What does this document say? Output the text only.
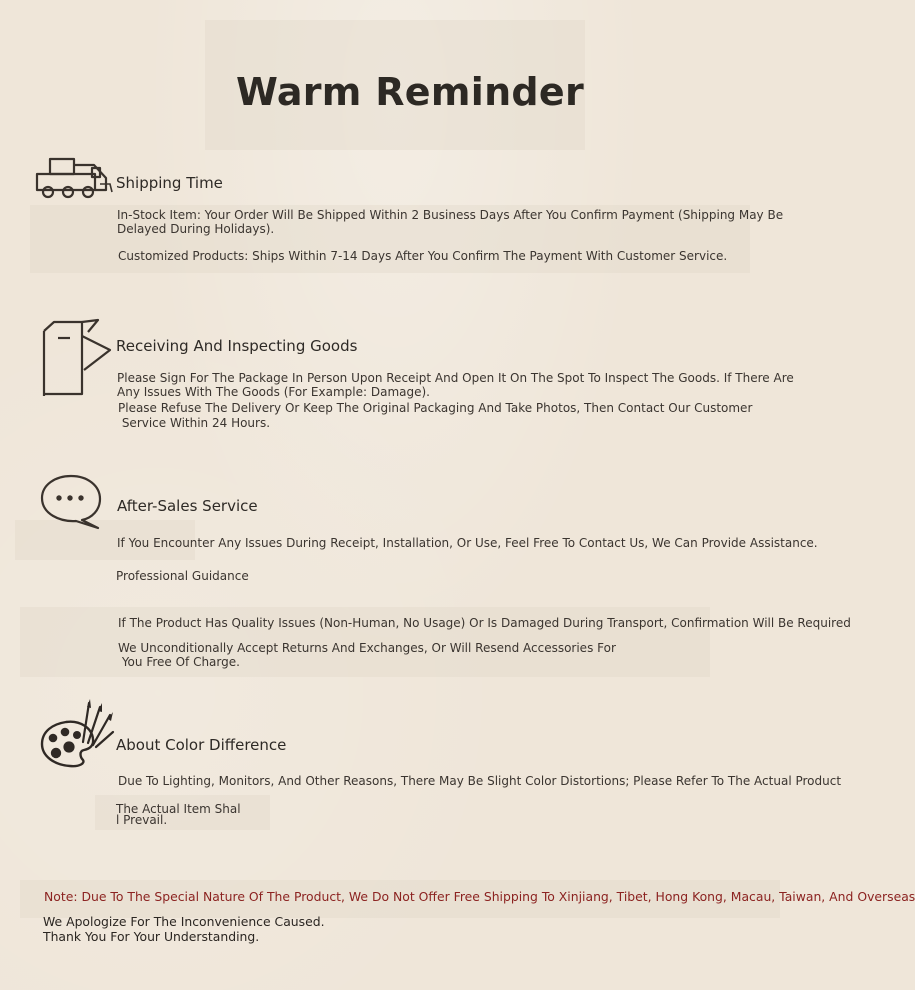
Warm Reminder
Shipping Time
In-Stock Item: Your Order Will Be Shipped Within 2 Business Days After You Confirm Payment (Shipping May Be
Delayed During Holidays).
Customized Products: Ships Within 7-14 Days After You Confirm The Payment With Customer Service.
Receiving And Inspecting Goods
Please Sign For The Package In Person Upon Receipt And Open It On The Spot To Inspect The Goods. If There Are
Any Issues With The Goods (For Example: Damage).
Please Refuse The Delivery Or Keep The Original Packaging And Take Photos, Then Contact Our Customer
Service Within 24 Hours.
After-Sales Service
If You Encounter Any Issues During Receipt, Installation, Or Use, Feel Free To Contact Us, We Can Provide Assistance.
Professional Guidance
If The Product Has Quality Issues (Non-Human, No Usage) Or Is Damaged During Transport, Confirmation Will Be Required
We Unconditionally Accept Returns And Exchanges, Or Will Resend Accessories For
You Free Of Charge.
About Color Difference
Due To Lighting, Monitors, And Other Reasons, There May Be Slight Color Distortions; Please Refer To The Actual Product
The Actual Item Shal
l Prevail.
Note: Due To The Special Nature Of The Product, We Do Not Offer Free Shipping To Xinjiang, Tibet, Hong Kong, Macau, Taiwan, And Overseas
We Apologize For The Inconvenience Caused.
Thank You For Your Understanding.
